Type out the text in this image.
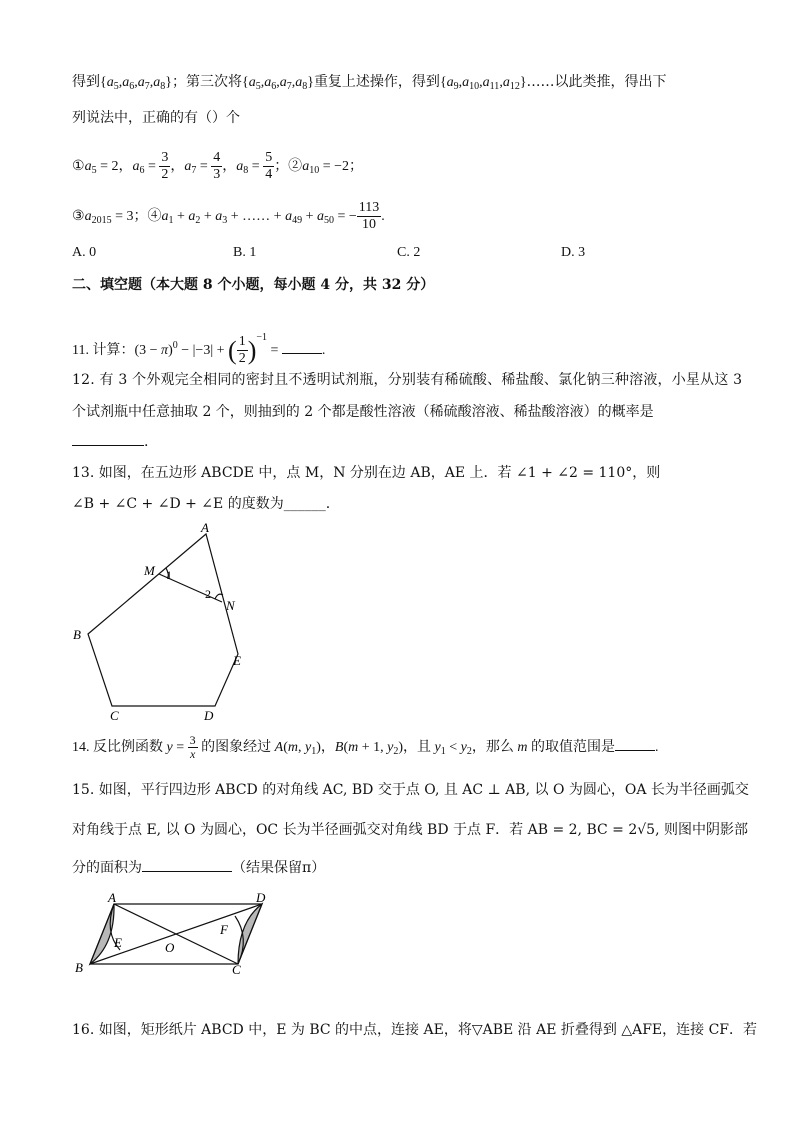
得到$\{a_5,a_6,a_7,a_8\}$；第三次将$\{a_5,a_6,a_7,a_8\}$重复上述操作，得到$\{a_9,a_{10},a_{11},a_{12}\}\dots\dots$以此类推，得出下
列说法中，正确的有（）个
$①a_5 = 2$，$a_6 = \frac{3}{2}$ ，$a_7 = \frac{4}{3}$ ，$a_8 = \frac{5}{4}$ ；$②a_{10} = -2$；
$③a_{2015} = 3$；$④a_1 + a_2 + a_3$ + …… + $a_{49} + a_{50}$ = − $\frac{113}{10}$ .
A. 0	B. 1	C. 2	D. 3
二、填空题（本大题 8 个小题，每小题 4 分，共 32 分）
11. 计算：$(3 - \pi)^0 - |-3|$ + ( $\frac{1}{2} )^{-1}$ =	.
12. 有 3 个外观完全相同的密封且不透明试剂瓶，分别装有稀硫酸、稀盐酸、氯化钠三种溶液，小星从这 3
个试剂瓶中任意抽取 2 个，则抽到的 2 个都是酸性溶液（稀硫酸溶液、稀盐酸溶液）的概率是
.
13. 如图，在五边形 ABCDE 中，点 M，N 分别在边 AB，AE 上．若 ∠1 + ∠2 = 110°，则
∠B + ∠C + ∠D + ∠E 的度数为______.
A
M 1
2
N
B
E
C	D
14. 反比例函数 $y = \frac{3}{x}$ 的图象经过 A(m, $y_1$)，B(m + 1, $y_2$)，且 $y_1 < y_2$，那么 m 的取值范围是	.
15. 如图，平行四边形 ABCD 的对角线 AC, BD 交于点 O, 且 AC ⊥ AB, 以 O 为圆心，OA 长为半径画弧交
对角线于点 E, 以 O 为圆心，OC 长为半径画弧交对角线 BD 于点 F．若 AB = 2, BC = 2√5, 则图中阴影部
分的面积为	（结果保留π）
A	D
E
F
O
B	C
16. 如图，矩形纸片 ABCD 中，E 为 BC 的中点，连接 AE，将▽ABE 沿 AE 折叠得到 △AFE，连接 CF．若
